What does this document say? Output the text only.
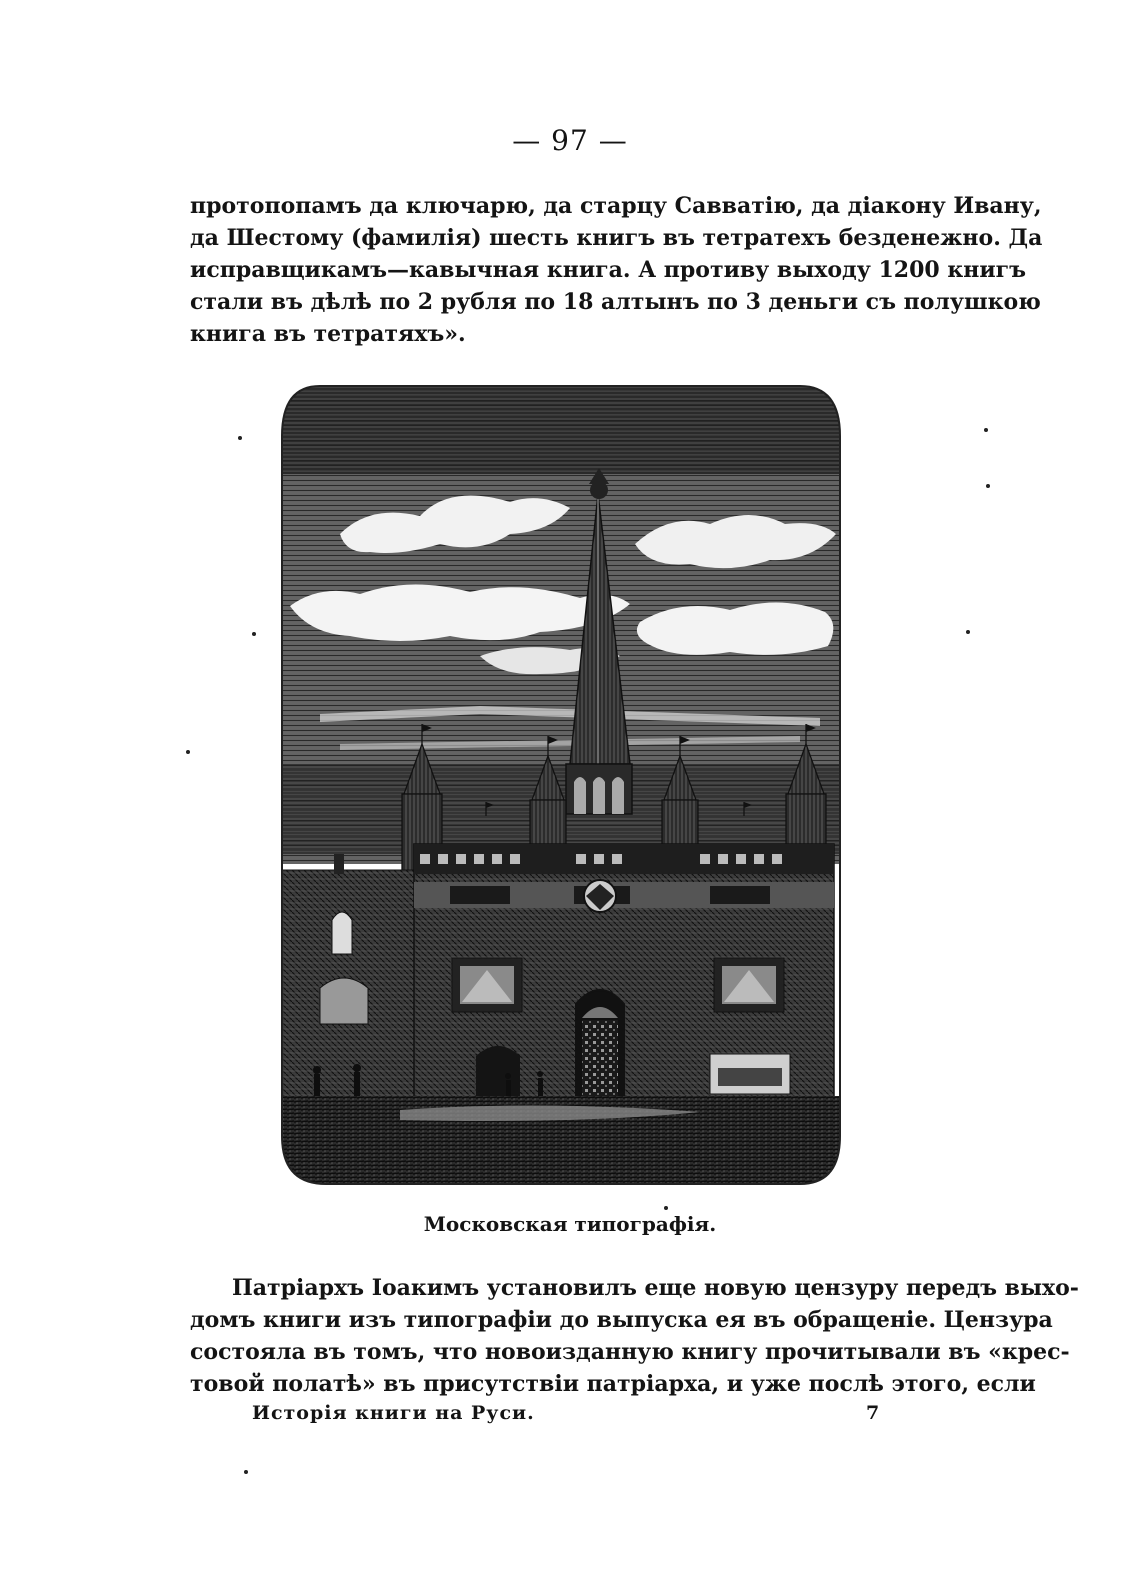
— 97 —
протопопамъ да ключарю, да старцу Савватію, да діакону Ивану,
да Шестому (фамилія) шесть книгъ въ тетратехъ безденежно. Да
исправщикамъ—кавычная книга. А противу выходу 1200 книгъ
стали въ дѣлѣ по 2 рубля по 18 алтынъ по 3 деньги съ полушкою
книга въ тетратяхъ».
Московская типографія.
Патріархъ Іоакимъ установилъ еще новую цензуру передъ выхо-
домъ книги изъ типографіи до выпуска ея въ обращеніе. Цензура
состояла въ томъ, что новоизданную книгу прочитывали въ «крес-
товой полатѣ» въ присутствіи патріарха, и уже послѣ этого, если
Исторія книги на Руси.	7
